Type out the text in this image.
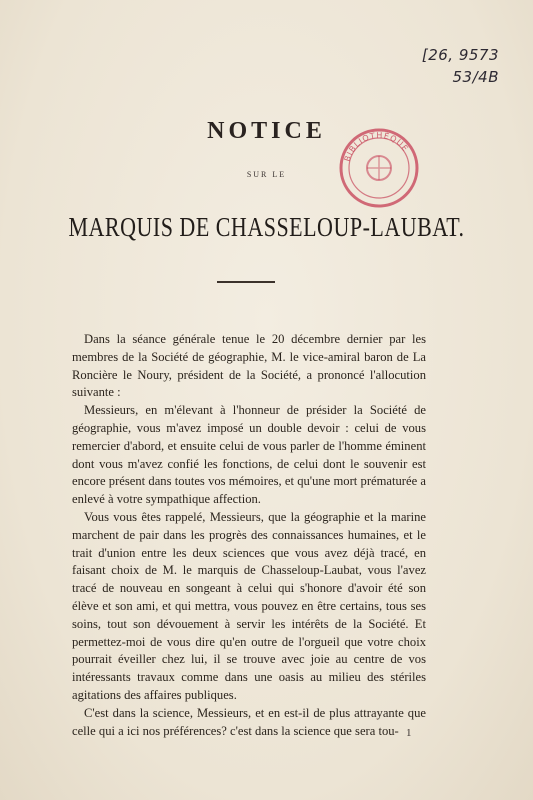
[26, 9573
53/4B
BIBLIOTHÈQUE
NOTICE
SUR LE
MARQUIS DE CHASSELOUP-LAUBAT.

Dans la séance générale tenue le 20 décembre dernier par les membres de la Société de géographie, M. le vice-amiral baron de La Roncière le Noury, président de la Société, a prononcé l'allocution suivante :

Messieurs, en m'élevant à l'honneur de présider la Société de géographie, vous m'avez imposé un double devoir : celui de vous remercier d'abord, et ensuite celui de vous parler de l'homme éminent dont vous m'avez confié les fonctions, de celui dont le souvenir est encore présent dans toutes vos mémoires, et qu'une mort prématurée a enlevé à votre sympathique affection.

Vous vous êtes rappelé, Messieurs, que la géographie et la marine marchent de pair dans les progrès des connaissances humaines, et le trait d'union entre les deux sciences que vous avez déjà tracé, en faisant choix de M. le marquis de Chasseloup-Laubat, vous l'avez tracé de nouveau en songeant à celui qui s'honore d'avoir été son élève et son ami, et qui mettra, vous pouvez en être certains, tous ses soins, tout son dévouement à servir les intérêts de la Société. Et permettez-moi de vous dire qu'en outre de l'orgueil que votre choix pourrait éveiller chez lui, il se trouve avec joie au centre de vos intéressants travaux comme dans une oasis au milieu des stériles agitations des affaires publiques.

C'est dans la science, Messieurs, et en est-il de plus attrayante que celle qui a ici nos préférences? c'est dans la science que sera tou- 1
